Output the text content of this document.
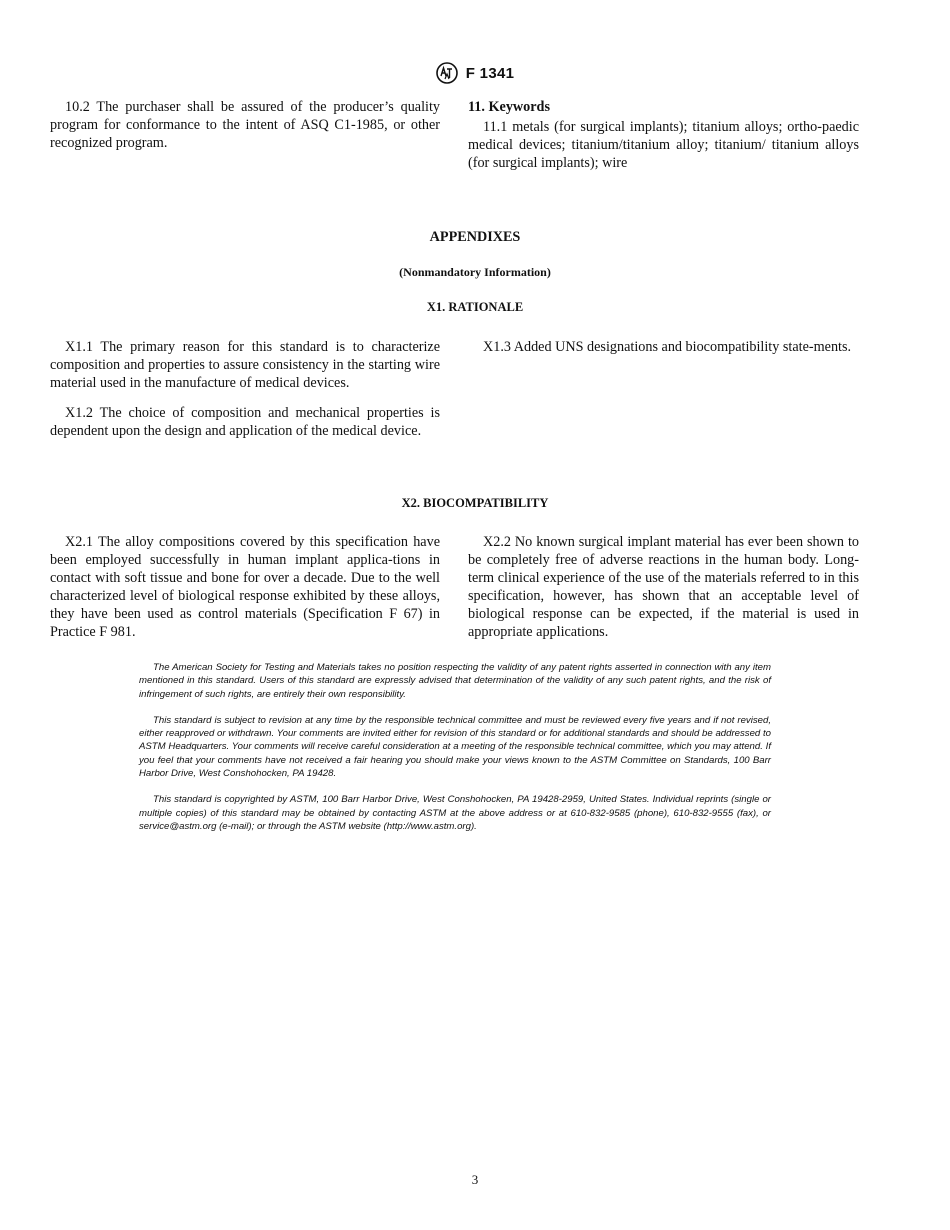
F 1341

10.2 The purchaser shall be assured of the producer’s quality program for conformance to the intent of ASQ C1-1985, or other recognized program.

11. Keywords

11.1 metals (for surgical implants); titanium alloys; ortho-paedic medical devices; titanium/titanium alloy; titanium/ titanium alloys (for surgical implants); wire

APPENDIXES
(Nonmandatory Information)
X1. RATIONALE

X1.1 The primary reason for this standard is to characterize composition and properties to assure consistency in the starting wire material used in the manufacture of medical devices.

X1.2 The choice of composition and mechanical properties is dependent upon the design and application of the medical device.

X1.3 Added UNS designations and biocompatibility state-ments.

X2. BIOCOMPATIBILITY

X2.1 The alloy compositions covered by this specification have been employed successfully in human implant applica-tions in contact with soft tissue and bone for over a decade. Due to the well characterized level of biological response exhibited by these alloys, they have been used as control materials (Specification F 67) in Practice F 981.

X2.2 No known surgical implant material has ever been shown to be completely free of adverse reactions in the human body. Long-term clinical experience of the use of the materials referred to in this specification, however, has shown that an acceptable level of biological response can be expected, if the material is used in appropriate applications.

The American Society for Testing and Materials takes no position respecting the validity of any patent rights asserted in connection with any item mentioned in this standard. Users of this standard are expressly advised that determination of the validity of any such patent rights, and the risk of infringement of such rights, are entirely their own responsibility.

This standard is subject to revision at any time by the responsible technical committee and must be reviewed every five years and if not revised, either reapproved or withdrawn. Your comments are invited either for revision of this standard or for additional standards and should be addressed to ASTM Headquarters. Your comments will receive careful consideration at a meeting of the responsible technical committee, which you may attend. If you feel that your comments have not received a fair hearing you should make your views known to the ASTM Committee on Standards, 100 Barr Harbor Drive, West Conshohocken, PA 19428.

This standard is copyrighted by ASTM, 100 Barr Harbor Drive, West Conshohocken, PA 19428-2959, United States. Individual reprints (single or multiple copies) of this standard may be obtained by contacting ASTM at the above address or at 610-832-9585 (phone), 610-832-9555 (fax), or service@astm.org (e-mail); or through the ASTM website (http://www.astm.org).

3
